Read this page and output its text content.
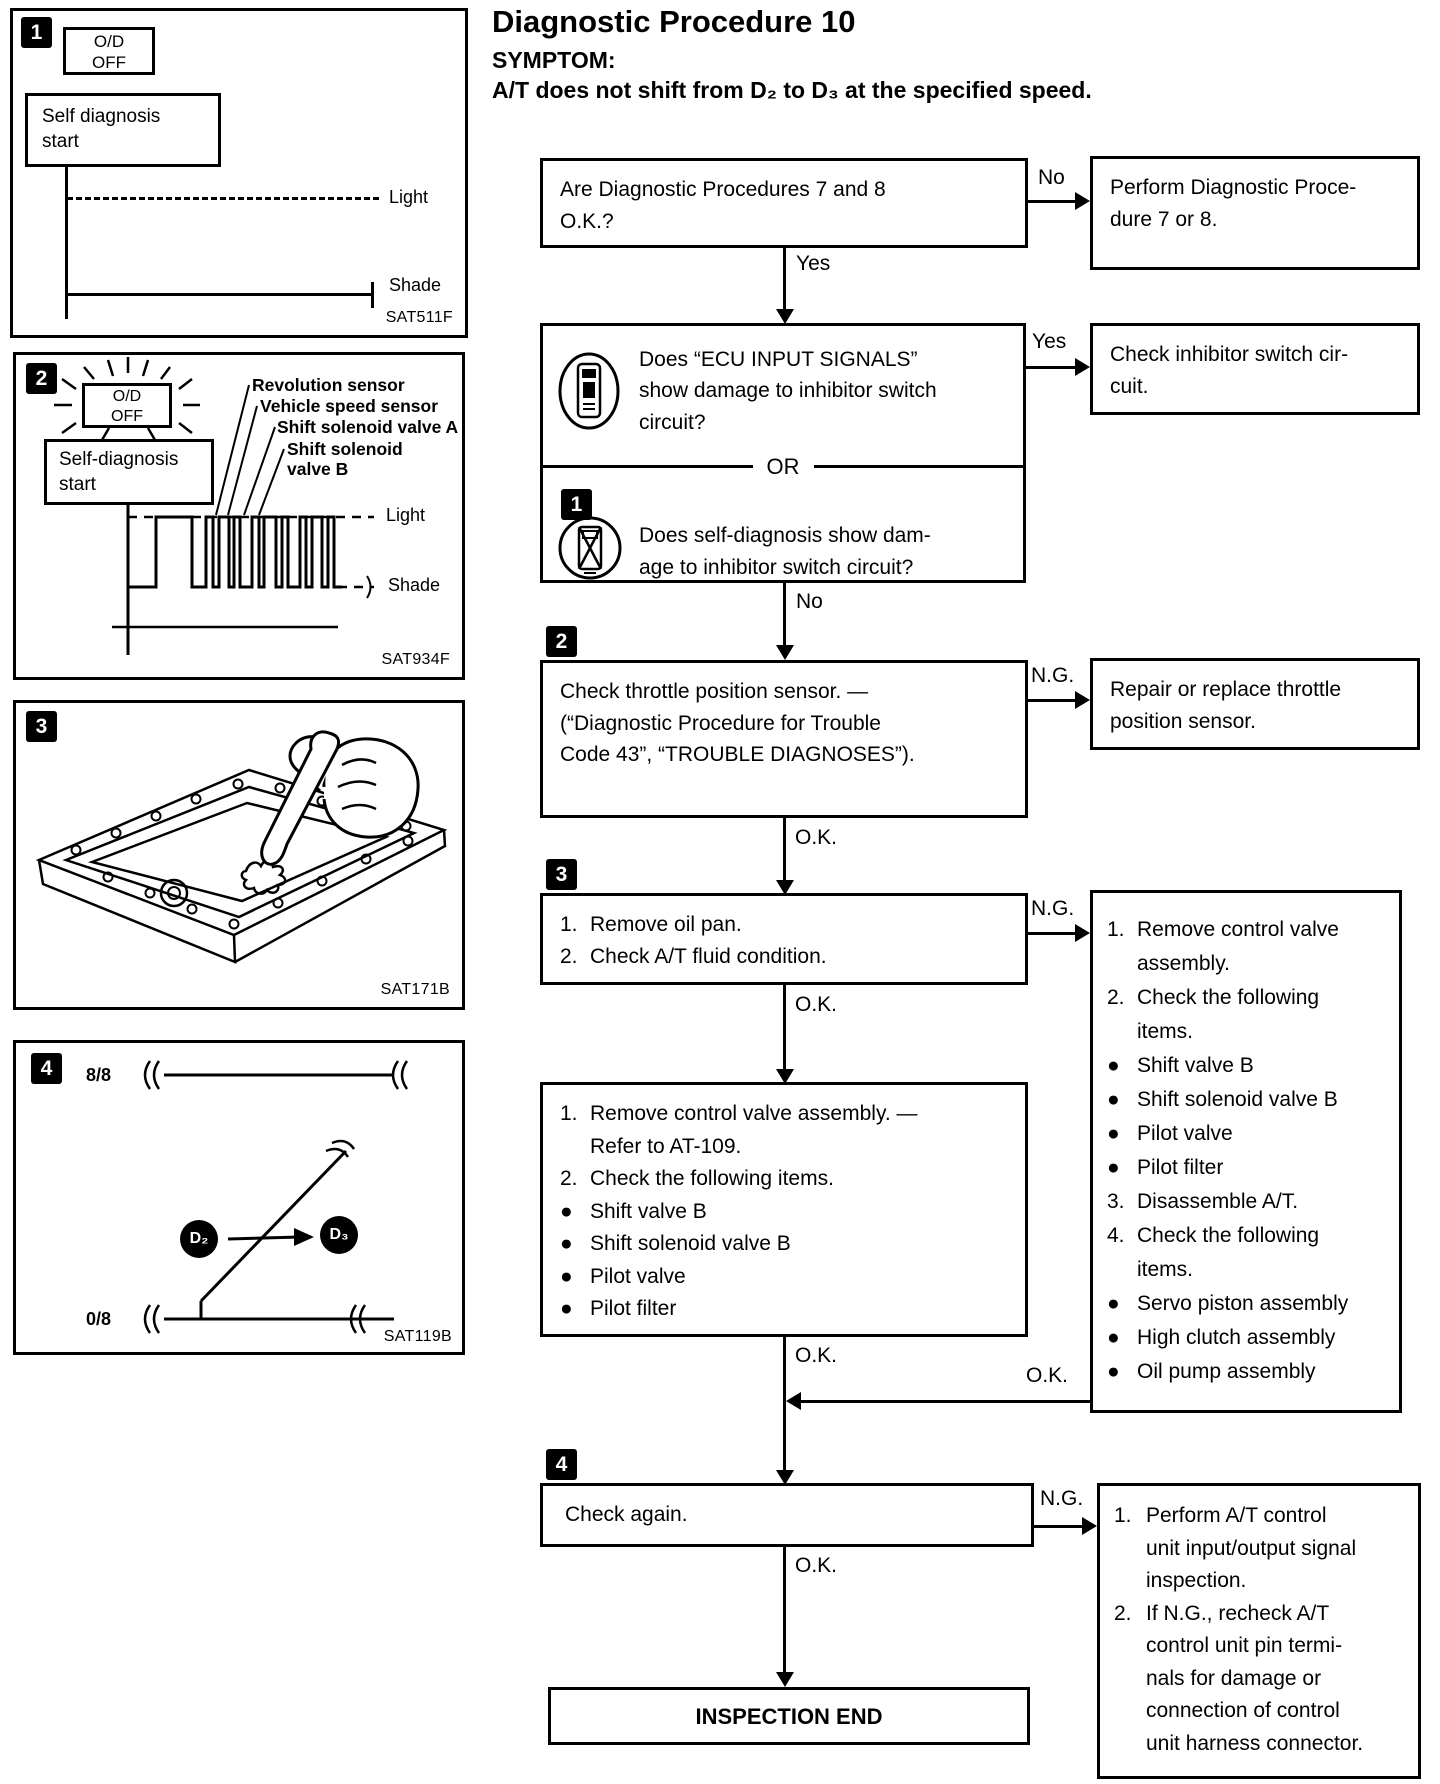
Diagnostic Procedure 10
SYMPTOM:
A/T does not shift from D₂ to D₃ at the specified speed.
1	O/D
OFF
Self diagnosis
start
Light
Shade
SAT511F
2
O/D
OFF
Self-diagnosis
start
Revolution sensor
Vehicle speed sensor
Shift solenoid valve A
Shift solenoid
valve B
Light
Shade
SAT934F
3
SAT171B
4	8/8
0/8
D₂	D₃
SAT119B
Are Diagnostic Procedures 7 and 8
O.K.?
No Perform Diagnostic Proce-
dure 7 or 8.
Yes
Does “ECU INPUT SIGNALS”
show damage to inhibitor switch
circuit?
OR
1
Does self-diagnosis show dam-
age to inhibitor switch circuit?
Yes
Check inhibitor switch cir-
cuit.
No
2
Check throttle position sensor. —
(“Diagnostic Procedure for Trouble
Code 43”, “TROUBLE DIAGNOSES”).
N.G.
Repair or replace throttle
position sensor.
O.K.
3
1. Remove oil pan.
2. Check A/T fluid condition.
N.G.
1. Remove control valve
assembly.
2. Check the following
items.
● Shift valve B
● Shift solenoid valve B
● Pilot valve
● Pilot filter
3. Disassemble A/T.
4. Check the following
items.
● Servo piston assembly
● High clutch assembly
● Oil pump assembly
O.K.
1. Remove control valve assembly. —
Refer to AT-109.
2. Check the following items.
● Shift valve B
● Shift solenoid valve B
● Pilot valve
● Pilot filter
O.K.
O.K.
4
Check again.
N.G.
1. Perform A/T control
unit input/output signal
inspection.
2. If N.G., recheck A/T
control unit pin termi-
nals for damage or
connection of control
unit harness connector.
O.K.
INSPECTION END
